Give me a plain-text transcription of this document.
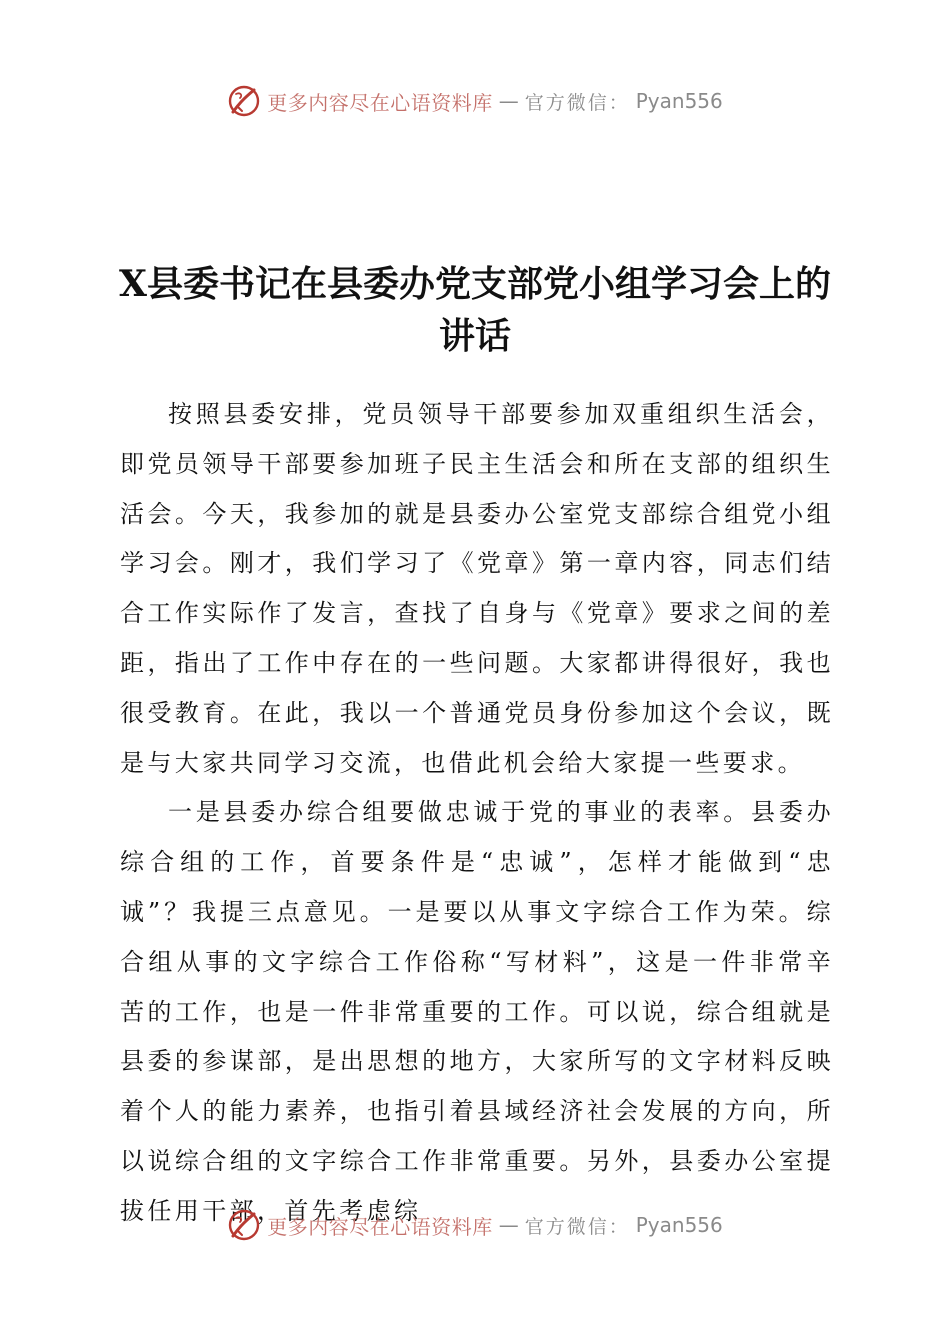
更多内容尽在心语资料库 — 官方微信： Pyan556
X县委书记在县委办党支部党小组学习会上的
讲话

按照县委安排，党员领导干部要参加双重组织生活会，即党员领导干部要参加班子民主生活会和所在支部的组织生活会。今天，我参加的就是县委办公室党支部综合组党小组学习会。刚才，我们学习了《党章》第一章内容，同志们结合工作实际作了发言，查找了自身与《党章》要求之间的差距，指出了工作中存在的一些问题。大家都讲得很好，我也很受教育。在此，我以一个普通党员身份参加这个会议，既是与大家共同学习交流，也借此机会给大家提一些要求。

一是县委办综合组要做忠诚于党的事业的表率。县委办综合组的工作，首要条件是“忠诚”，怎样才能做到“忠诚”？我提三点意见。一是要以从事文字综合工作为荣。综合组从事的文字综合工作俗称“写材料”，这是一件非常辛苦的工作，也是一件非常重要的工作。可以说，综合组就是县委的参谋部，是出思想的地方，大家所写的文字材料反映着个人的能力素养，也指引着县域经济社会发展的方向，所以说综合组的文字综合工作非常重要。另外，县委办公室提拔任用干部，首先考虑综

更多内容尽在心语资料库 — 官方微信： Pyan556
